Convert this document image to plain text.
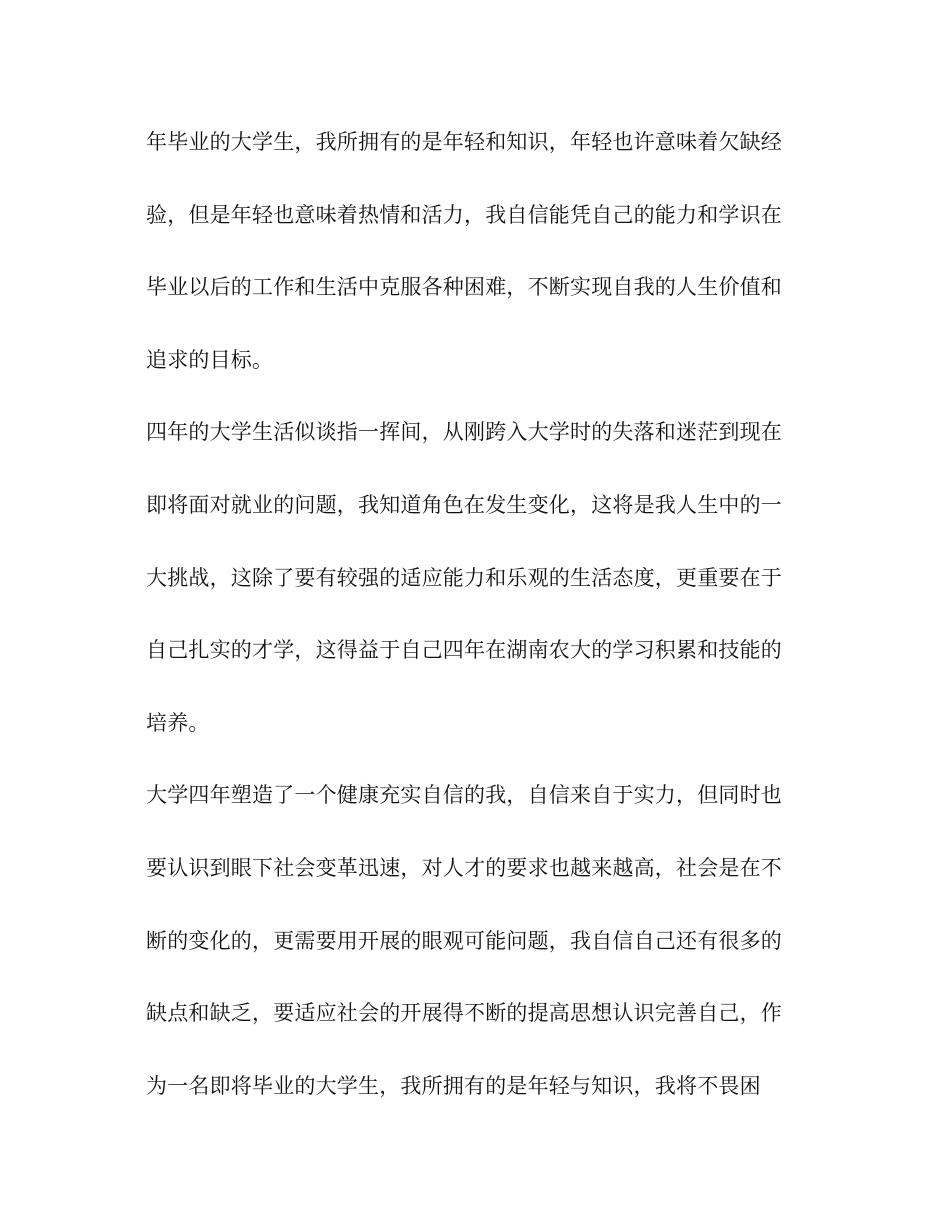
年毕业的大学生，我所拥有的是年轻和知识，年轻也许意味着欠缺经
验，但是年轻也意味着热情和活力，我自信能凭自己的能力和学识在
毕业以后的工作和生活中克服各种困难，不断实现自我的人生价值和
追求的目标。
四年的大学生活似谈指一挥间，从刚跨入大学时的失落和迷茫到现在
即将面对就业的问题，我知道角色在发生变化，这将是我人生中的一
大挑战，这除了要有较强的适应能力和乐观的生活态度，更重要在于
自己扎实的才学，这得益于自己四年在湖南农大的学习积累和技能的
培养。
大学四年塑造了一个健康充实自信的我，自信来自于实力，但同时也
要认识到眼下社会变革迅速，对人才的要求也越来越高，社会是在不
断的变化的，更需要用开展的眼观可能问题，我自信自己还有很多的
缺点和缺乏，要适应社会的开展得不断的提高思想认识完善自己，作
为一名即将毕业的大学生，我所拥有的是年轻与知识，我将不畏困
